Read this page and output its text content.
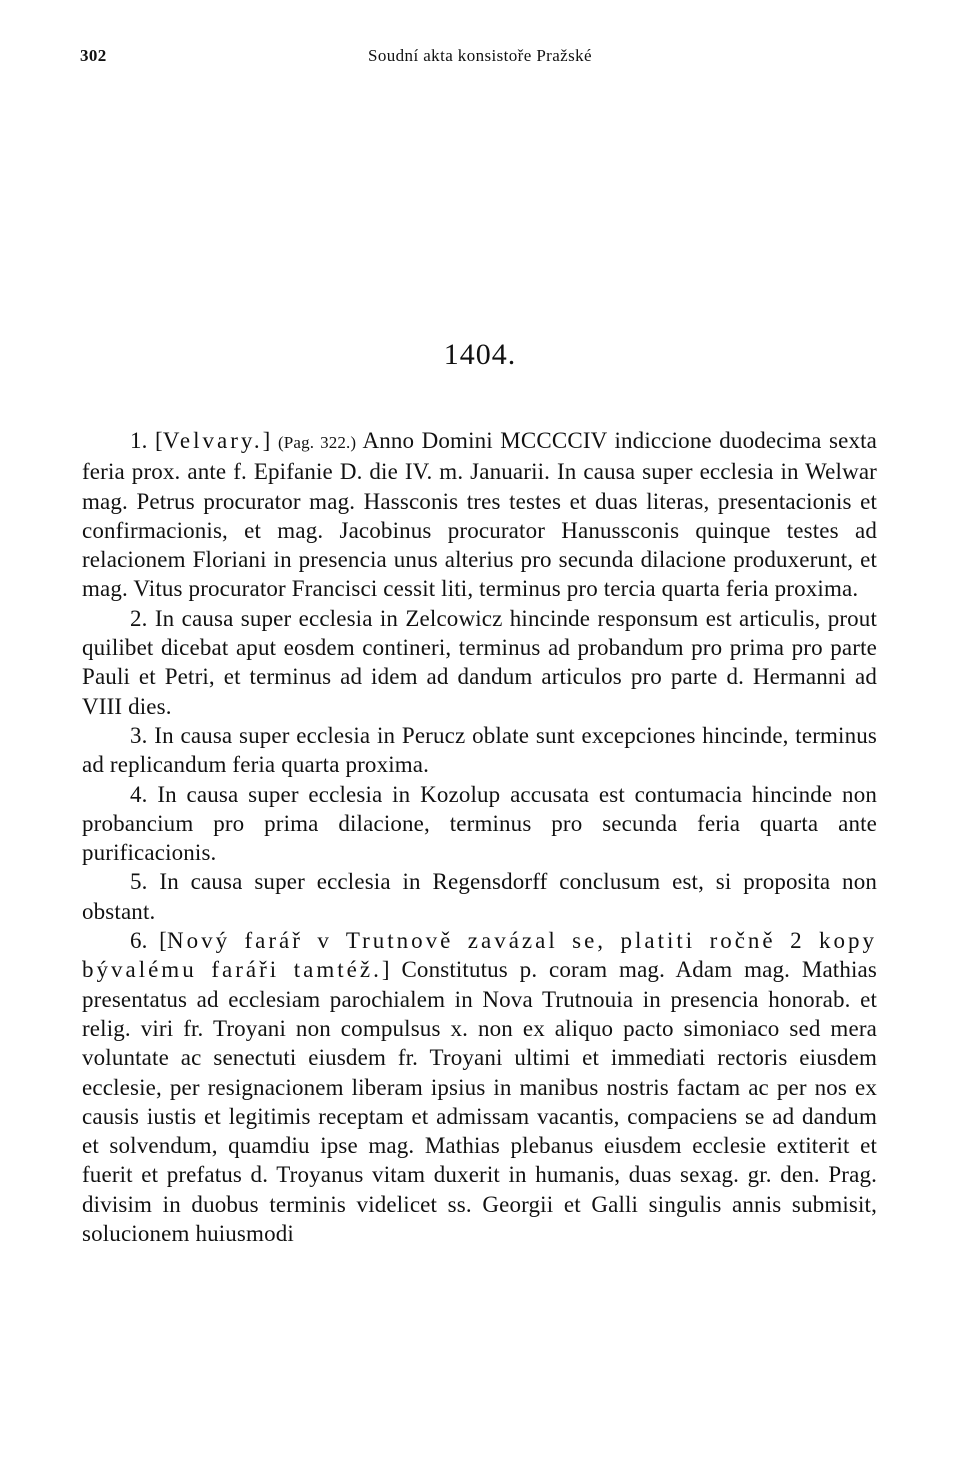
302	Soudní akta konsistoře Pražské
1404.

1. [Velvary.] (Pag. 322.) Anno Domini MCCCCIV indiccione duodecima sexta feria prox. ante f. Epifanie D. die IV. m. Januarii. In causa super ecclesia in Welwar mag. Petrus procurator mag. Hassconis tres testes et duas literas, presentacionis et confirmacionis, et mag. Jacobinus procurator Hanussconis quinque testes ad relacionem Floriani in presencia unus alterius pro secunda dilacione produxerunt, et mag. Vitus procurator Francisci cessit liti, terminus pro tercia quarta feria proxima.

2. In causa super ecclesia in Zelcowicz hincinde responsum est articulis, prout quilibet dicebat aput eosdem contineri, terminus ad probandum pro prima pro parte Pauli et Petri, et terminus ad idem ad dandum articulos pro parte d. Hermanni ad VIII dies.

3. In causa super ecclesia in Perucz oblate sunt excepciones hincinde, terminus ad replicandum feria quarta proxima.

4. In causa super ecclesia in Kozolup accusata est contumacia hincinde non probancium pro prima dilacione, terminus pro secunda feria quarta ante purificacionis.

5. In causa super ecclesia in Regensdorff conclusum est, si proposita non obstant.

6. [Nový farář v Trutnově zavázal se, platiti ročně 2 kopy bývalému faráři tamtéž.] Constitutus p. coram mag. Adam mag. Mathias presentatus ad ecclesiam parochialem in Nova Trutnouia in presencia honorab. et relig. viri fr. Troyani non compulsus x. non ex aliquo pacto simoniaco sed mera voluntate ac senectuti eiusdem fr. Troyani ultimi et immediati rectoris eiusdem ecclesie, per resignacionem liberam ipsius in manibus nostris factam ac per nos ex causis iustis et legitimis receptam et admissam vacantis, compaciens se ad dandum et solvendum, quamdiu ipse mag. Mathias plebanus eiusdem ecclesie extiterit et fuerit et prefatus d. Troyanus vitam duxerit in humanis, duas sexag. gr. den. Prag. divisim in duobus terminis videlicet ss. Georgii et Galli singulis annis submisit, solucionem huiusmodi
